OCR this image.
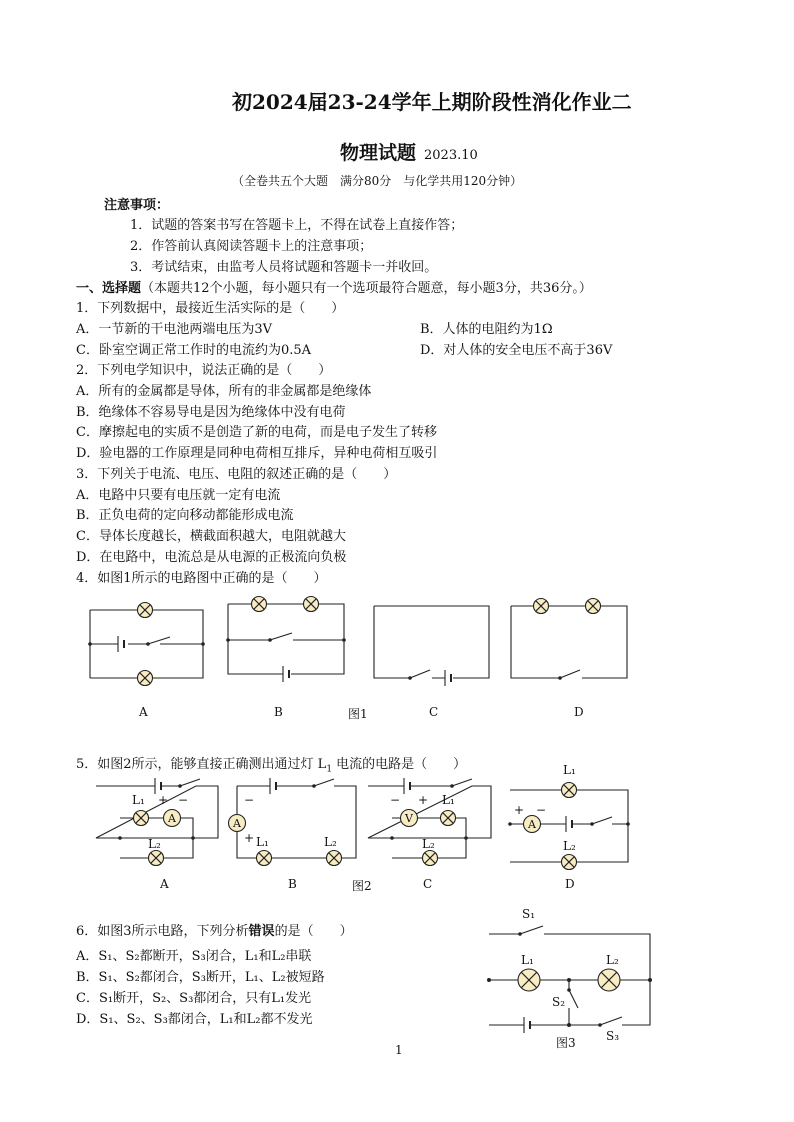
初2024届23-24学年上期阶段性消化作业二
物理试题 2023.10
（全卷共五个大题　满分80分　与化学共用120分钟）
注意事项：
1．试题的答案书写在答题卡上，不得在试卷上直接作答；
2．作答前认真阅读答题卡上的注意事项；
3．考试结束，由监考人员将试题和答题卡一并收回。
一、选择题（本题共12个小题，每小题只有一个选项最符合题意，每小题3分，共36分。）
1．下列数据中，最接近生活实际的是（　　）
A．一节新的干电池两端电压为3V	B．人体的电阻约为1Ω
C．卧室空调正常工作时的电流约为0.5A	D．对人体的安全电压不高于36V
2．下列电学知识中，说法正确的是（　　）
A．所有的金属都是导体，所有的非金属都是绝缘体
B．绝缘体不容易导电是因为绝缘体中没有电荷
C．摩擦起电的实质不是创造了新的电荷，而是电子发生了转移
D．验电器的工作原理是同种电荷相互排斥，异种电荷相互吸引
3．下列关于电流、电压、电阻的叙述正确的是（　　）
A．电路中只要有电压就一定有电流
B．正负电荷的定向移动都能形成电流
C．导体长度越长，横截面积越大，电阻就越大
D．在电路中，电流总是从电源的正极流向负极
4．如图1所示的电路图中正确的是（　　）
A	B	图1	C	D
5．如图2所示，能够直接正确测出通过灯 $L_1$ 电流的电路是（　　）
A
L₁ + −
L₂
A
−
+ L₁	L₂
V
− + L₁
L₂
A
L₁
+ −
L₂
A	B	图2	C	D
6．如图3所示电路，下列分析错误的是（　　）
A．S₁、S₂都断开，S₃闭合，L₁和L₂串联
B．S₁、S₂都闭合，S₃断开，L₁、L₂被短路
C．S₁断开，S₂、S₃都闭合，只有L₁发光
D．S₁、S₂、S₃都闭合，L₁和L₂都不发光
S₁
L₁	L₂
S₂
S₃
图3
1
